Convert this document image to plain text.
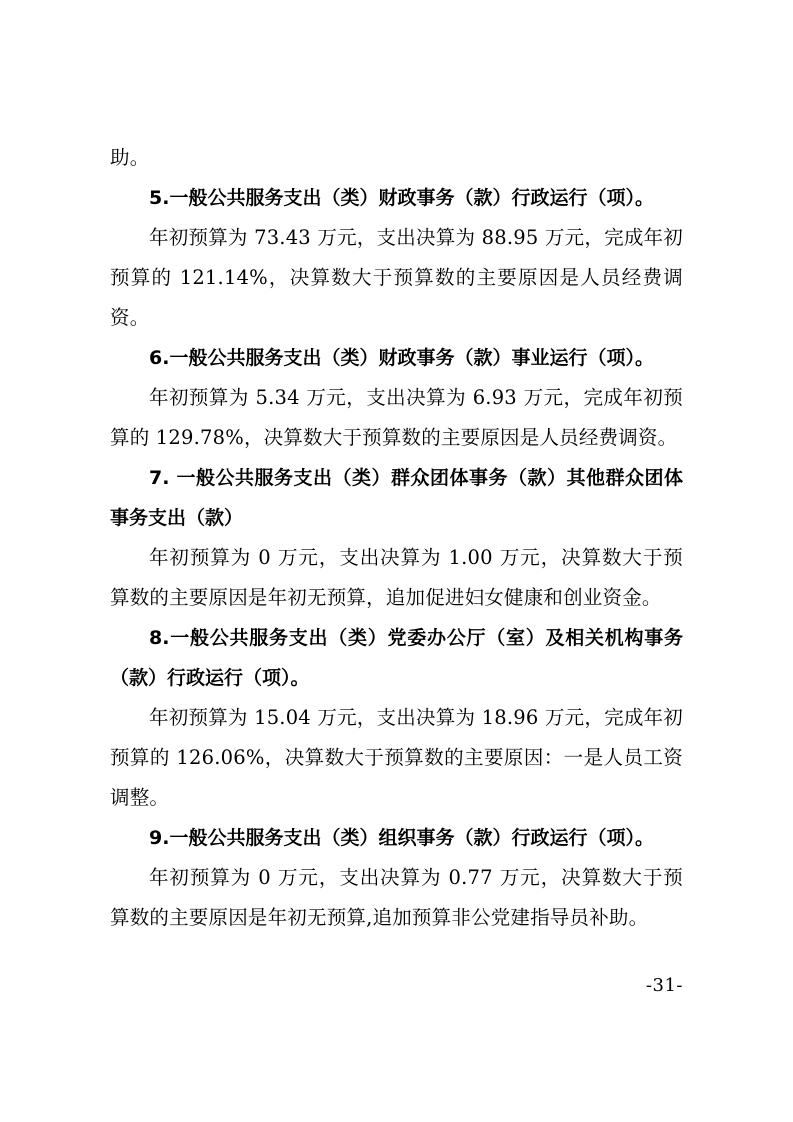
助。

5.一般公共服务支出（类）财政事务（款）行政运行（项）。

年初预算为 73.43 万元，支出决算为 88.95 万元，完成年初预算的 121.14%，决算数大于预算数的主要原因是人员经费调资。

6.一般公共服务支出（类）财政事务（款）事业运行（项）。

年初预算为 5.34 万元，支出决算为 6.93 万元，完成年初预算的 129.78%，决算数大于预算数的主要原因是人员经费调资。

7. 一般公共服务支出（类）群众团体事务（款）其他群众团体事务支出（款）

年初预算为 0 万元，支出决算为 1.00 万元，决算数大于预算数的主要原因是年初无预算，追加促进妇女健康和创业资金。

8.一般公共服务支出（类）党委办公厅（室）及相关机构事务（款）行政运行（项）。

年初预算为 15.04 万元，支出决算为 18.96 万元，完成年初预算的 126.06%，决算数大于预算数的主要原因：一是人员工资调整。

9.一般公共服务支出（类）组织事务（款）行政运行（项）。

年初预算为 0 万元，支出决算为 0.77 万元，决算数大于预算数的主要原因是年初无预算,追加预算非公党建指导员补助。

-31-
